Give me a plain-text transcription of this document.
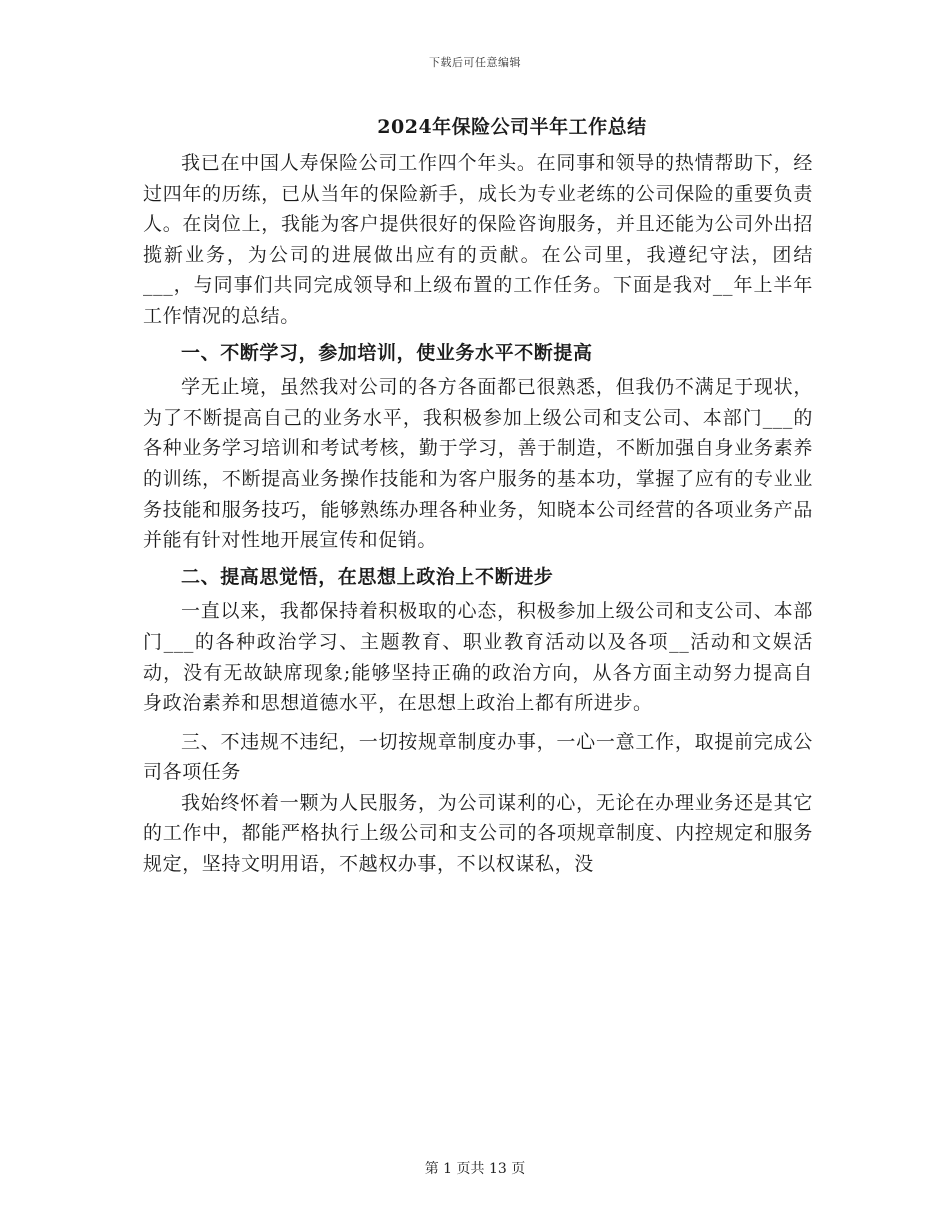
下载后可任意编辑
2024年保险公司半年工作总结

我已在中国人寿保险公司工作四个年头。在同事和领导的热情帮助下，经过四年的历练，已从当年的保险新手，成长为专业老练的公司保险的重要负责人。在岗位上，我能为客户提供很好的保险咨询服务，并且还能为公司外出招揽新业务，为公司的进展做出应有的贡献。在公司里，我遵纪守法，团结___，与同事们共同完成领导和上级布置的工作任务。下面是我对__年上半年工作情况的总结。

一、不断学习，参加培训，使业务水平不断提高

学无止境，虽然我对公司的各方各面都已很熟悉，但我仍不满足于现状，为了不断提高自己的业务水平，我积极参加上级公司和支公司、本部门___的各种业务学习培训和考试考核，勤于学习，善于制造，不断加强自身业务素养的训练，不断提高业务操作技能和为客户服务的基本功，掌握了应有的专业业务技能和服务技巧，能够熟练办理各种业务，知晓本公司经营的各项业务产品并能有针对性地开展宣传和促销。

二、提高思觉悟，在思想上政治上不断进步

一直以来，我都保持着积极取的心态，积极参加上级公司和支公司、本部门___的各种政治学习、主题教育、职业教育活动以及各项__活动和文娱活动，没有无故缺席现象;能够坚持正确的政治方向，从各方面主动努力提高自身政治素养和思想道德水平，在思想上政治上都有所进步。

三、不违规不违纪，一切按规章制度办事，一心一意工作，取提前完成公司各项任务

我始终怀着一颗为人民服务，为公司谋利的心，无论在办理业务还是其它的工作中，都能严格执行上级公司和支公司的各项规章制度、内控规定和服务规定，坚持文明用语，不越权办事，不以权谋私，没

第 1 页共 13 页
